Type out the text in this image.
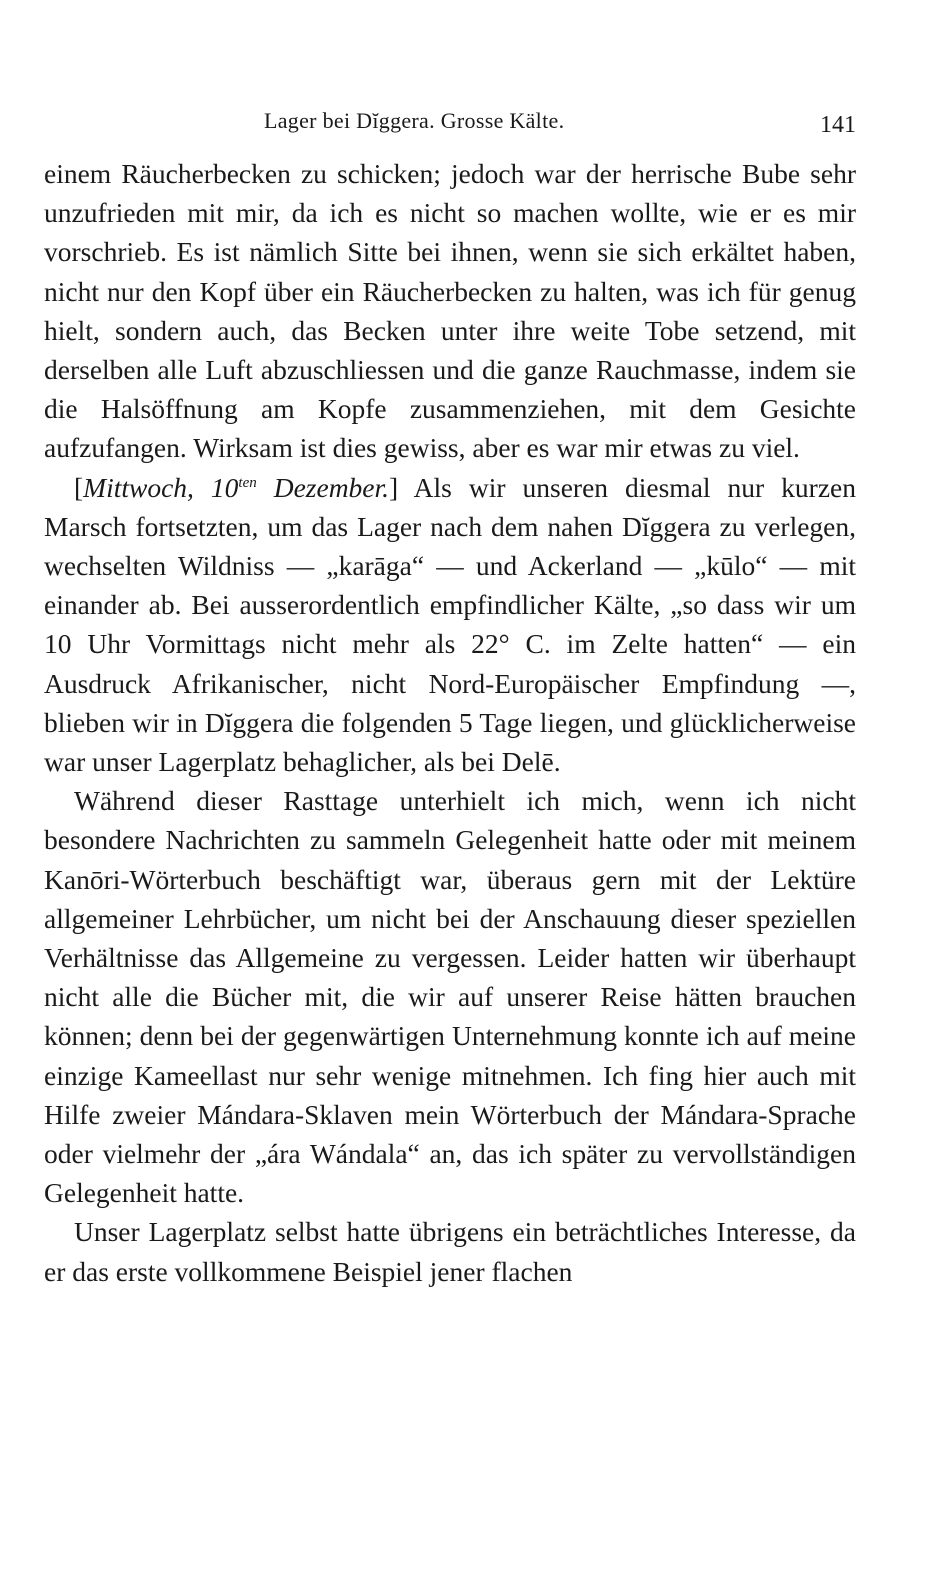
Lager bei Dĭggera. Grosse Kälte.	141

einem Räucherbecken zu schicken; jedoch war der herrische Bube sehr unzufrieden mit mir, da ich es nicht so machen wollte, wie er es mir vorschrieb. Es ist nämlich Sitte bei ihnen, wenn sie sich erkältet haben, nicht nur den Kopf über ein Räucherbecken zu halten, was ich für genug hielt, sondern auch, das Becken unter ihre weite Tobe setzend, mit derselben alle Luft abzuschliessen und die ganze Rauchmasse, indem sie die Halsöffnung am Kopfe zusammenziehen, mit dem Gesichte aufzufangen. Wirksam ist dies gewiss, aber es war mir etwas zu viel.

[Mittwoch, $10^{ten}$ Dezember.] Als wir unseren diesmal nur kurzen Marsch fortsetzten, um das Lager nach dem nahen Dĭggera zu verlegen, wechselten Wildniss — „karāga“ — und Ackerland — „kūlo“ — mit einander ab. Bei ausserordentlich empfindlicher Kälte, „so dass wir um 10 Uhr Vormittags nicht mehr als 22° C. im Zelte hatten“ — ein Ausdruck Afrikanischer, nicht Nord-Europäischer Empfindung —, blieben wir in Dĭggera die folgenden 5 Tage liegen, und glücklicherweise war unser Lagerplatz behaglicher, als bei Delē.

Während dieser Rasttage unterhielt ich mich, wenn ich nicht besondere Nachrichten zu sammeln Gelegenheit hatte oder mit meinem Kanōri-Wörterbuch beschäftigt war, überaus gern mit der Lektüre allgemeiner Lehrbücher, um nicht bei der Anschauung dieser speziellen Verhältnisse das Allgemeine zu vergessen. Leider hatten wir überhaupt nicht alle die Bücher mit, die wir auf unserer Reise hätten brauchen können; denn bei der gegenwärtigen Unternehmung konnte ich auf meine einzige Kameellast nur sehr wenige mitnehmen. Ich fing hier auch mit Hilfe zweier Mándara-Sklaven mein Wörterbuch der Mándara-Sprache oder vielmehr der „ára Wándala“ an, das ich später zu vervollständigen Gelegenheit hatte.

Unser Lagerplatz selbst hatte übrigens ein beträchtliches Interesse, da er das erste vollkommene Beispiel jener flachen
